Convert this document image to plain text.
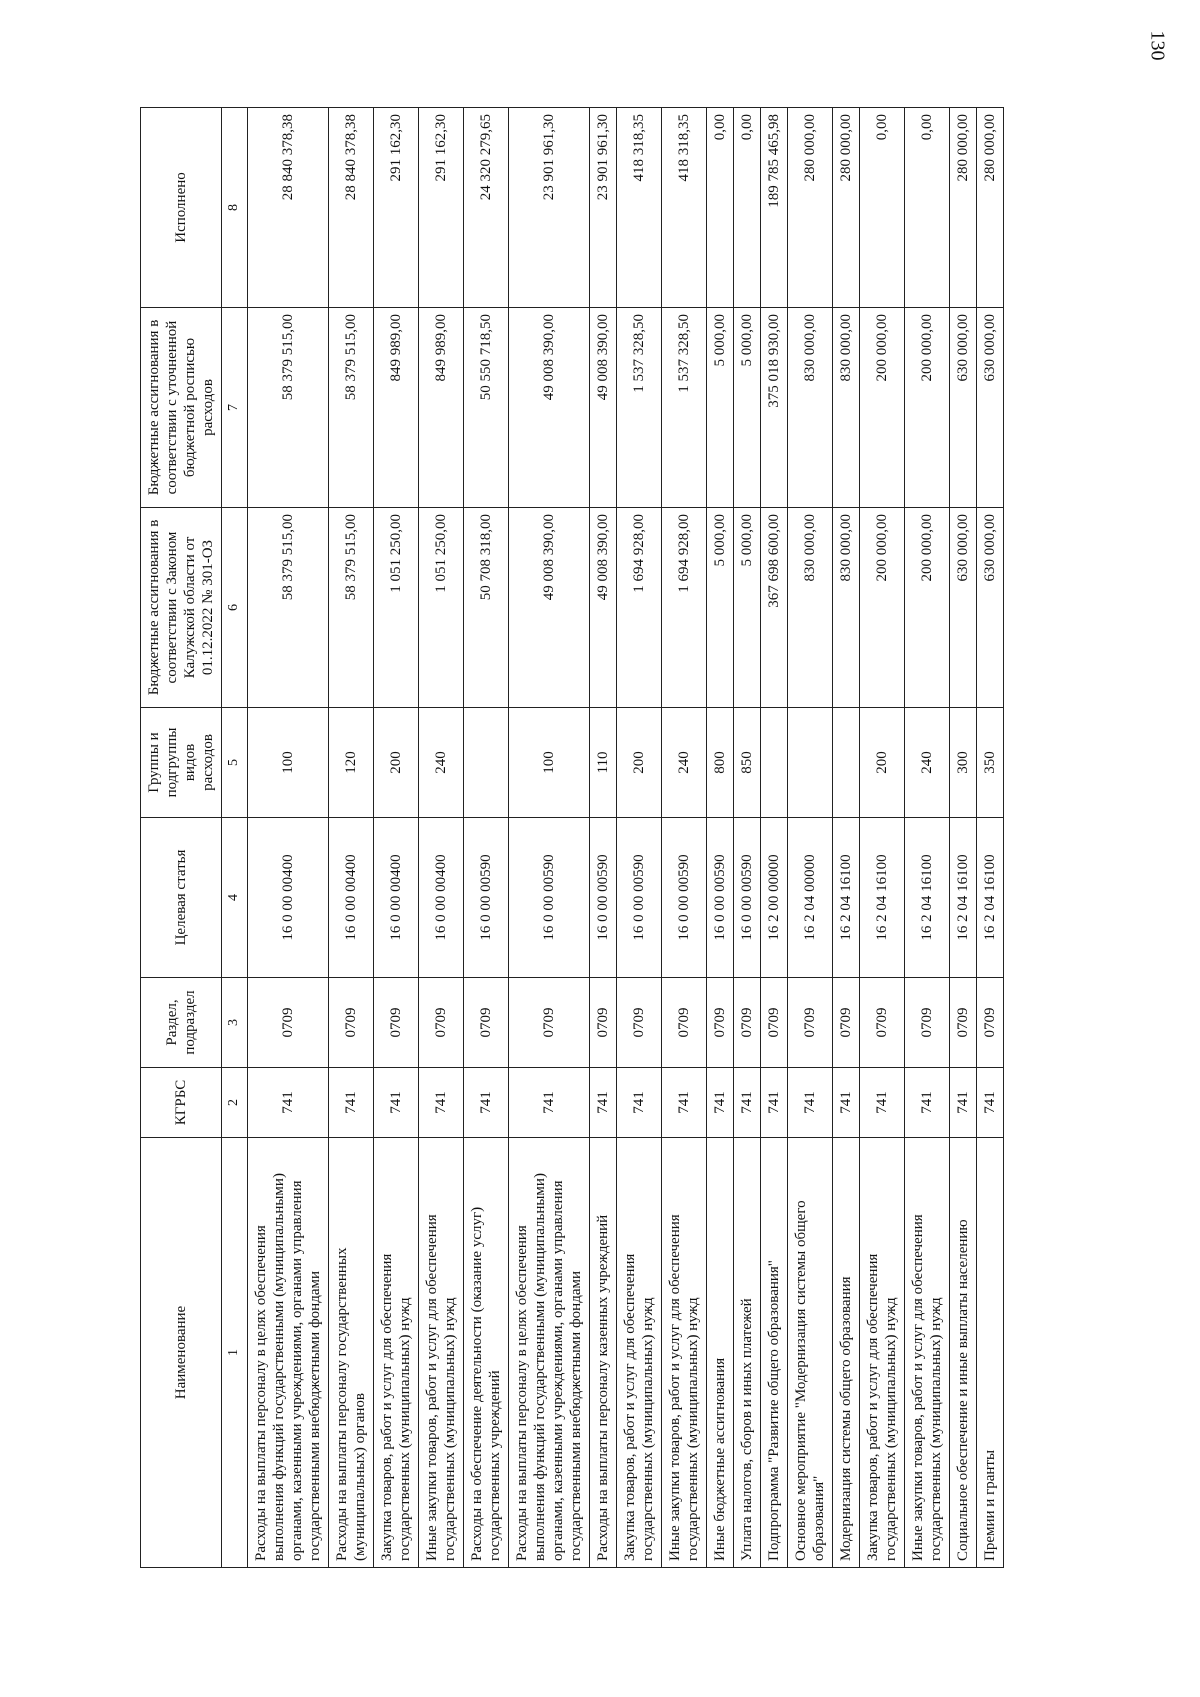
130
Наименование	КГРБС	Раздел, подраздел	Целевая статья	Группы и подгруппы видов расходов	Бюджетные ассигнования в соответствии с Законом Калужской области от 01.12.2022 № 301-ОЗ	Бюджетные ассигнования в соответствии с уточненной бюджетной росписью расходов	Исполнено
1	2	3	4	5	6	7	8
Расходы на выплаты персоналу в целях обеспечения выполнения функций государственными (муниципальными) органами, казенными учреждениями, органами управления государственными внебюджетными фондами	741	0709	16 0 00 00400	100	58 379 515,00	58 379 515,00	28 840 378,38
Расходы на выплаты персоналу государственных (муниципальных) органов	741	0709	16 0 00 00400	120	58 379 515,00	58 379 515,00	28 840 378,38
Закупка товаров, работ и услуг для обеспечения государственных (муниципальных) нужд	741	0709	16 0 00 00400	200	1 051 250,00	849 989,00	291 162,30
Иные закупки товаров, работ и услуг для обеспечения государственных (муниципальных) нужд	741	0709	16 0 00 00400	240	1 051 250,00	849 989,00	291 162,30
Расходы на обеспечение деятельности (оказание услуг) государственных учреждений	741	0709	16 0 00 00590		50 708 318,00	50 550 718,50	24 320 279,65
Расходы на выплаты персоналу в целях обеспечения выполнения функций государственными (муниципальными) органами, казенными учреждениями, органами управления государственными внебюджетными фондами	741	0709	16 0 00 00590	100	49 008 390,00	49 008 390,00	23 901 961,30
Расходы на выплаты персоналу казенных учреждений	741	0709	16 0 00 00590	110	49 008 390,00	49 008 390,00	23 901 961,30
Закупка товаров, работ и услуг для обеспечения государственных (муниципальных) нужд	741	0709	16 0 00 00590	200	1 694 928,00	1 537 328,50	418 318,35
Иные закупки товаров, работ и услуг для обеспечения государственных (муниципальных) нужд	741	0709	16 0 00 00590	240	1 694 928,00	1 537 328,50	418 318,35
Иные бюджетные ассигнования	741	0709	16 0 00 00590	800	5 000,00	5 000,00	0,00
Уплата налогов, сборов и иных платежей	741	0709	16 0 00 00590	850	5 000,00	5 000,00	0,00
Подпрограмма "Развитие общего образования"	741	0709	16 2 00 00000		367 698 600,00	375 018 930,00	189 785 465,98
Основное мероприятие "Модернизация системы общего образования"	741	0709	16 2 04 00000		830 000,00	830 000,00	280 000,00
Модернизация системы общего образования	741	0709	16 2 04 16100		830 000,00	830 000,00	280 000,00
Закупка товаров, работ и услуг для обеспечения государственных (муниципальных) нужд	741	0709	16 2 04 16100	200	200 000,00	200 000,00	0,00
Иные закупки товаров, работ и услуг для обеспечения государственных (муниципальных) нужд	741	0709	16 2 04 16100	240	200 000,00	200 000,00	0,00
Социальное обеспечение и иные выплаты населению	741	0709	16 2 04 16100	300	630 000,00	630 000,00	280 000,00
Премии и гранты	741	0709	16 2 04 16100	350	630 000,00	630 000,00	280 000,00
